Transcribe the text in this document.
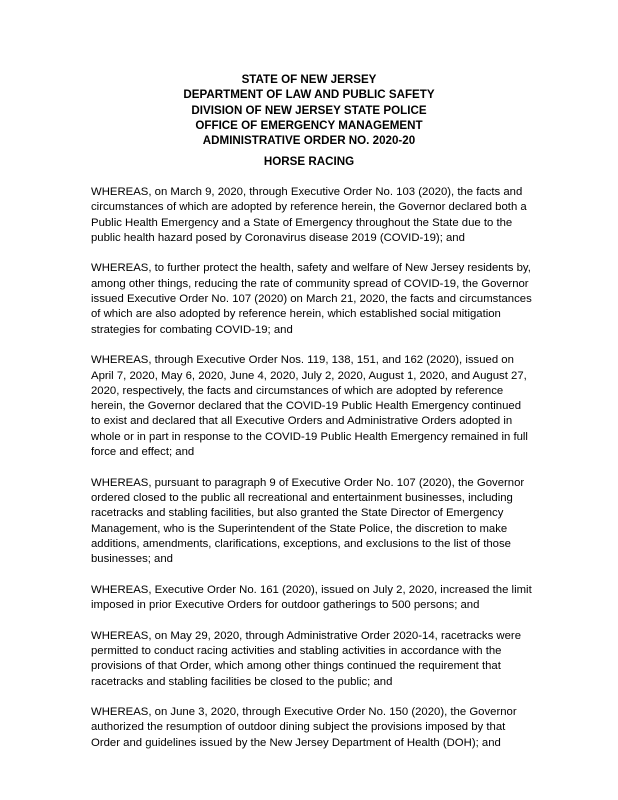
STATE OF NEW JERSEY
DEPARTMENT OF LAW AND PUBLIC SAFETY
DIVISION OF NEW JERSEY STATE POLICE
OFFICE OF EMERGENCY MANAGEMENT
ADMINISTRATIVE ORDER NO. 2020-20
HORSE RACING
WHEREAS, on March 9, 2020, through Executive Order No. 103 (2020), the facts and
circumstances of which are adopted by reference herein, the Governor declared both a
Public Health Emergency and a State of Emergency throughout the State due to the
public health hazard posed by Coronavirus disease 2019 (COVID-19); and
WHEREAS, to further protect the health, safety and welfare of New Jersey residents by,
among other things, reducing the rate of community spread of COVID-19, the Governor
issued Executive Order No. 107 (2020) on March 21, 2020, the facts and circumstances
of which are also adopted by reference herein, which established social mitigation
strategies for combating COVID-19; and
WHEREAS, through Executive Order Nos. 119, 138, 151, and 162 (2020), issued on
April 7, 2020, May 6, 2020, June 4, 2020, July 2, 2020, August 1, 2020, and August 27,
2020, respectively, the facts and circumstances of which are adopted by reference
herein, the Governor declared that the COVID-19 Public Health Emergency continued
to exist and declared that all Executive Orders and Administrative Orders adopted in
whole or in part in response to the COVID-19 Public Health Emergency remained in full
force and effect; and
WHEREAS, pursuant to paragraph 9 of Executive Order No. 107 (2020), the Governor
ordered closed to the public all recreational and entertainment businesses, including
racetracks and stabling facilities, but also granted the State Director of Emergency
Management, who is the Superintendent of the State Police, the discretion to make
additions, amendments, clarifications, exceptions, and exclusions to the list of those
businesses; and
WHEREAS, Executive Order No. 161 (2020), issued on July 2, 2020, increased the limit
imposed in prior Executive Orders for outdoor gatherings to 500 persons; and
WHEREAS, on May 29, 2020, through Administrative Order 2020-14, racetracks were
permitted to conduct racing activities and stabling activities in accordance with the
provisions of that Order, which among other things continued the requirement that
racetracks and stabling facilities be closed to the public; and
WHEREAS, on June 3, 2020, through Executive Order No. 150 (2020), the Governor
authorized the resumption of outdoor dining subject the provisions imposed by that
Order and guidelines issued by the New Jersey Department of Health (DOH); and
